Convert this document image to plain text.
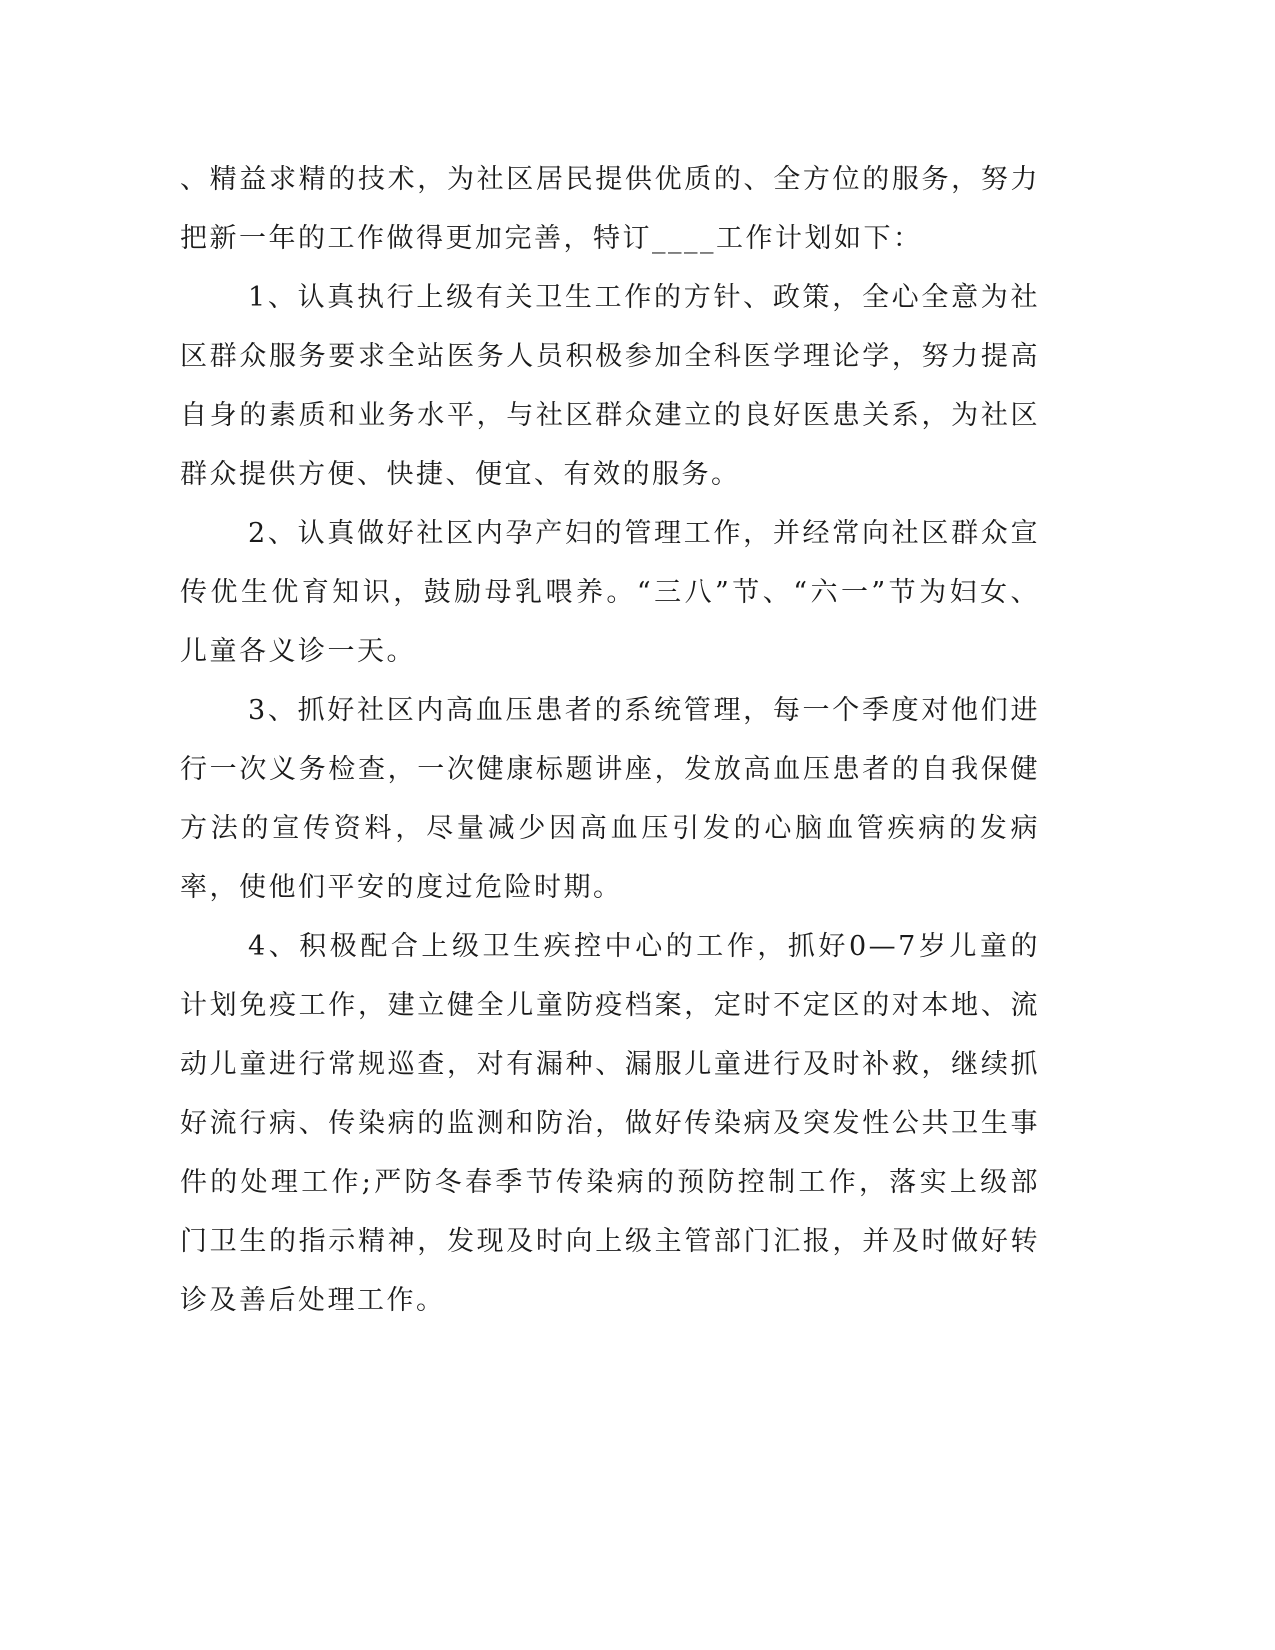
、精益求精的技术，为社区居民提供优质的、全方位的服务，努力把新一年的工作做得更加完善，特订____工作计划如下：

1、认真执行上级有关卫生工作的方针、政策，全心全意为社区群众服务要求全站医务人员积极参加全科医学理论学，努力提高自身的素质和业务水平，与社区群众建立的良好医患关系，为社区群众提供方便、快捷、便宜、有效的服务。

2、认真做好社区内孕产妇的管理工作，并经常向社区群众宣传优生优育知识，鼓励母乳喂养。“三八”节、“六一”节为妇女、儿童各义诊一天。

3、抓好社区内高血压患者的系统管理，每一个季度对他们进行一次义务检查，一次健康标题讲座，发放高血压患者的自我保健方法的宣传资料，尽量减少因高血压引发的心脑血管疾病的发病率，使他们平安的度过危险时期。

4、积极配合上级卫生疾控中心的工作，抓好0—7岁儿童的计划免疫工作，建立健全儿童防疫档案，定时不定区的对本地、流动儿童进行常规巡查，对有漏种、漏服儿童进行及时补救，继续抓好流行病、传染病的监测和防治，做好传染病及突发性公共卫生事件的处理工作;严防冬春季节传染病的预防控制工作，落实上级部门卫生的指示精神，发现及时向上级主管部门汇报，并及时做好转诊及善后处理工作。
